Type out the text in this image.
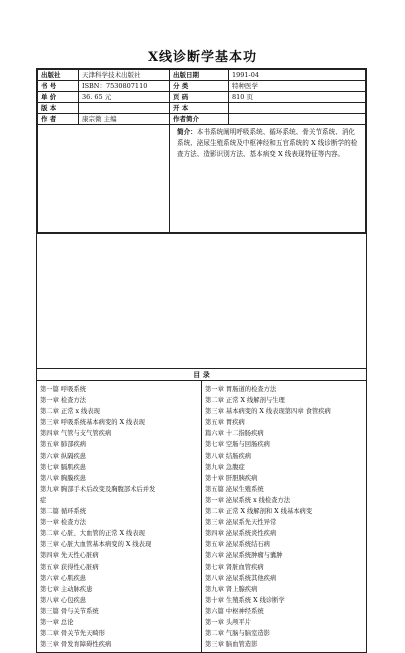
X线诊断学基本功
出版社	天津科学技术出版社	出版日期	1991-04
书 号	ISBN：7530807110	分 类	特种医学
单 价	36. 65 元	页 码	810 页
版 本		开 本	
作 者	康宗微 主编	作者简介	

		简介：本书系统阐明呼吸系统、循环系统、骨关节系统、消化系统、泌尿生殖系统及中枢神经和五官系统的 X 线诊断学的检查方法、造影识别方法、基本病变 X 线表现特征等内容。	
目 录
第一篇 呼吸系统
第一章 检查方法
第二章 正常 x 线表现
第三章 呼吸系统基本病变的 X 线表现
第四章 气管与支气管疾病
第五章 肺部疾病
第六章 纵隔疾患
第七章 膈肌疾患
第八章 胸膜疾患
第九章 胸部手术后改变及胸腹部术后并发
症
第二篇 循环系统
第一章 检查方法
第二章 心脏、大血管的正常 X 线表现
第三章 心脏大血管基本病变的 X 线表现
第四章 先天性心脏病
第五章 获得性心脏病
第六章 心肌疾患
第七章 主动脉疾患
第八章 心包疾患
第三篇 骨与关节系统
第一章 总论
第二章 骨关节先天畸形
第三章 骨发育障碍性疾病
第一章 胃肠道的检查方法
第二章 正常 X 线解剖与生理
第三章 基本病变的 X 线表现第四章 食管疾病
第五章 胃疾病
篇六章 十二指肠疾病
第七章 空肠与回肠疾病
第八章 结肠疾病
第九章 急腹症
第十章 肝胆胰疾病
第五篇 泌尿生殖系统
第一章 泌尿系统 x 线检查方法
第二章 正常 X 线解剖和 X 线基本病变
第三章 泌尿系先天性异常
第四章 泌尿系统炎性疾病
第五章 泌尿系统结石病
第六章 泌尿系统肿瘤与囊肿
第七章 肾脏血管疾病
第八章 泌尿系统其他疾病
第九章 肾上腺疾病
第十章 生殖系统 X 线诊断学
第六篇 中枢神经系统
第一章 头颅平片
第二章 气脑与脑室造影
第三章 脑血管造影
